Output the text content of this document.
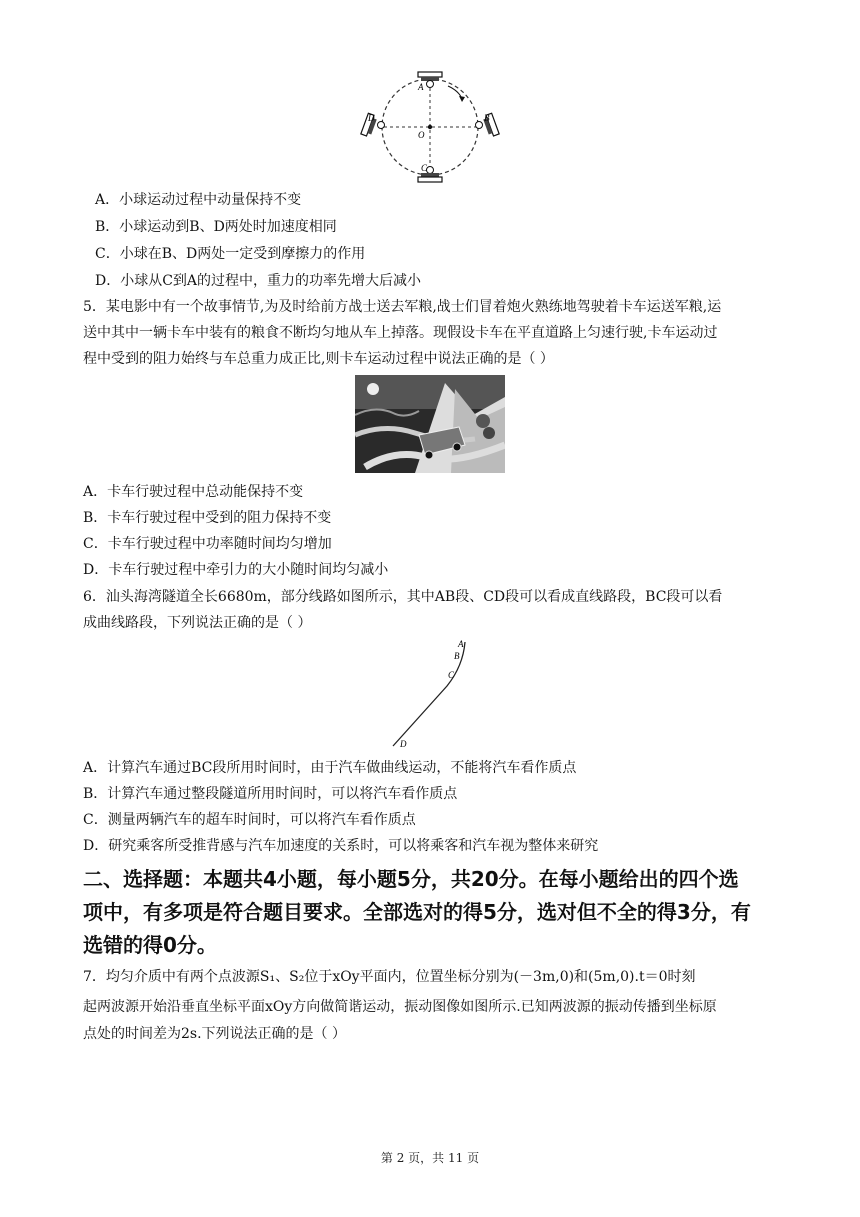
A
B
C
D
O
A．小球运动过程中动量保持不变
B．小球运动到B、D两处时加速度相同
C．小球在B、D两处一定受到摩擦力的作用
D．小球从C到A的过程中，重力的功率先增大后减小
5．某电影中有一个故事情节,为及时给前方战士送去军粮,战士们冒着炮火熟练地驾驶着卡车运送军粮,运
送中其中一辆卡车中装有的粮食不断均匀地从车上掉落。现假设卡车在平直道路上匀速行驶,卡车运动过
程中受到的阻力始终与车总重力成正比,则卡车运动过程中说法正确的是（ ）
A．卡车行驶过程中总动能保持不变
B．卡车行驶过程中受到的阻力保持不变
C．卡车行驶过程中功率随时间均匀增加
D．卡车行驶过程中牵引力的大小随时间均匀减小
6．汕头海湾隧道全长6680m，部分线路如图所示，其中AB段、CD段可以看成直线路段，BC段可以看
成曲线路段，下列说法正确的是（ ）
A
B
C
D
A．计算汽车通过BC段所用时间时，由于汽车做曲线运动，不能将汽车看作质点
B．计算汽车通过整段隧道所用时间时，可以将汽车看作质点
C．测量两辆汽车的超车时间时，可以将汽车看作质点
D．研究乘客所受推背感与汽车加速度的关系时，可以将乘客和汽车视为整体来研究
二、选择题：本题共4小题，每小题5分，共20分。在每小题给出的四个选
项中，有多项是符合题目要求。全部选对的得5分，选对但不全的得3分，有
选错的得0分。
7．均匀介质中有两个点波源S₁、S₂位于xOy平面内，位置坐标分别为(－3m,0)和(5m,0).t＝0时刻
起两波源开始沿垂直坐标平面xOy方向做简谐运动，振动图像如图所示.已知两波源的振动传播到坐标原
点处的时间差为2s.下列说法正确的是（ ）
第 2 页，共 11 页
